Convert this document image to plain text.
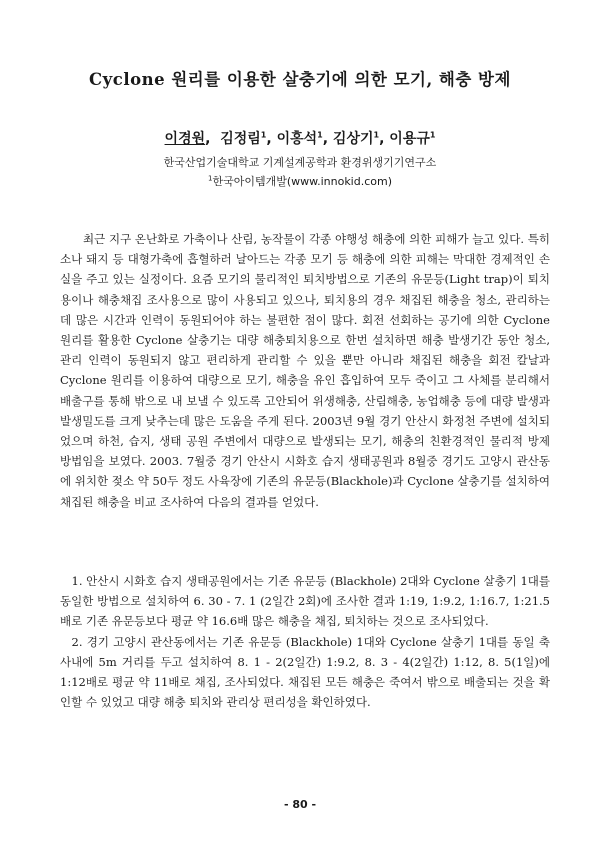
Cyclone 원리를 이용한 살충기에 의한 모기, 해충 방제
이경원,  김정림$^1$, 이홍석$^1$, 김상기$^1$, 이용규$^1$
한국산업기술대학교 기계설계공학과 환경위생기기연구소
$^1$한국아이템개발(www.innokid.com)

최근 지구 온난화로 가축이나 산림, 농작물이 각종 야행성 해충에 의한 피해가 늘고 있다. 특히 소나 돼지 등 대형가축에 흡혈하러 날아드는 각종 모기 등 해충에 의한 피해는 막대한 경제적인 손실을 주고 있는 실정이다. 요즘 모기의 물리적인 퇴치방법으로 기존의 유문등(Light trap)이 퇴치용이나 해충채집 조사용으로 많이 사용되고 있으나, 퇴치용의 경우 채집된 해충을 청소, 관리하는데 많은 시간과 인력이 동원되어야 하는 불편한 점이 많다. 회전 선회하는 공기에 의한 Cyclone 원리를 활용한 Cyclone 살충기는 대량 해충퇴치용으로 한번 설치하면 해충 발생기간 동안 청소, 관리 인력이 동원되지 않고 편리하게 관리할 수 있을 뿐만 아니라 채집된 해충을 회전 칼날과 Cyclone 원리를 이용하여 대량으로 모기, 해충을 유인 흡입하여 모두 죽이고 그 사체를 분리해서 배출구를 통해 밖으로 내 보낼 수 있도록 고안되어 위생해충, 산림해충, 농업해충 등에 대량 발생과 발생밀도를 크게 낮추는데 많은 도움을 주게 된다. 2003년 9월 경기 안산시 화정천 주변에 설치되었으며 하천, 습지, 생태 공원 주변에서 대량으로 발생되는 모기, 해충의 친환경적인 물리적 방제 방법임을 보였다. 2003. 7월중 경기 안산시 시화호 습지 생태공원과 8월중 경기도 고양시 관산동에 위치한 젖소 약 50두 정도 사육장에 기존의 유문등(Blackhole)과 Cyclone 살충기를 설치하여 채집된 해충을 비교 조사하여 다음의 결과를 얻었다.

1. 안산시 시화호 습지 생태공원에서는 기존 유문등 (Blackhole) 2대와 Cyclone 살충기 1대를 동일한 방법으로 설치하여 6. 30 - 7. 1 (2일간 2회)에 조사한 결과 1:19, 1:9.2, 1:16.7, 1:21.5배로 기존 유문등보다 평균 약 16.6배 많은 해충을 채집, 퇴치하는 것으로 조사되었다.
2. 경기 고양시 관산동에서는 기존 유문등 (Blackhole) 1대와 Cyclone 살충기 1대를 동일 축사내에 5m 거리를 두고 설치하여 8. 1 - 2(2일간) 1:9.2, 8. 3 - 4(2일간) 1:12, 8. 5(1일)에 1:12배로 평균 약 11배로 채집, 조사되었다. 채집된 모든 해충은 죽여서 밖으로 배출되는 것을 확인할 수 있었고 대량 해충 퇴치와 관리상 편리성을 확인하였다.
- 80 -
